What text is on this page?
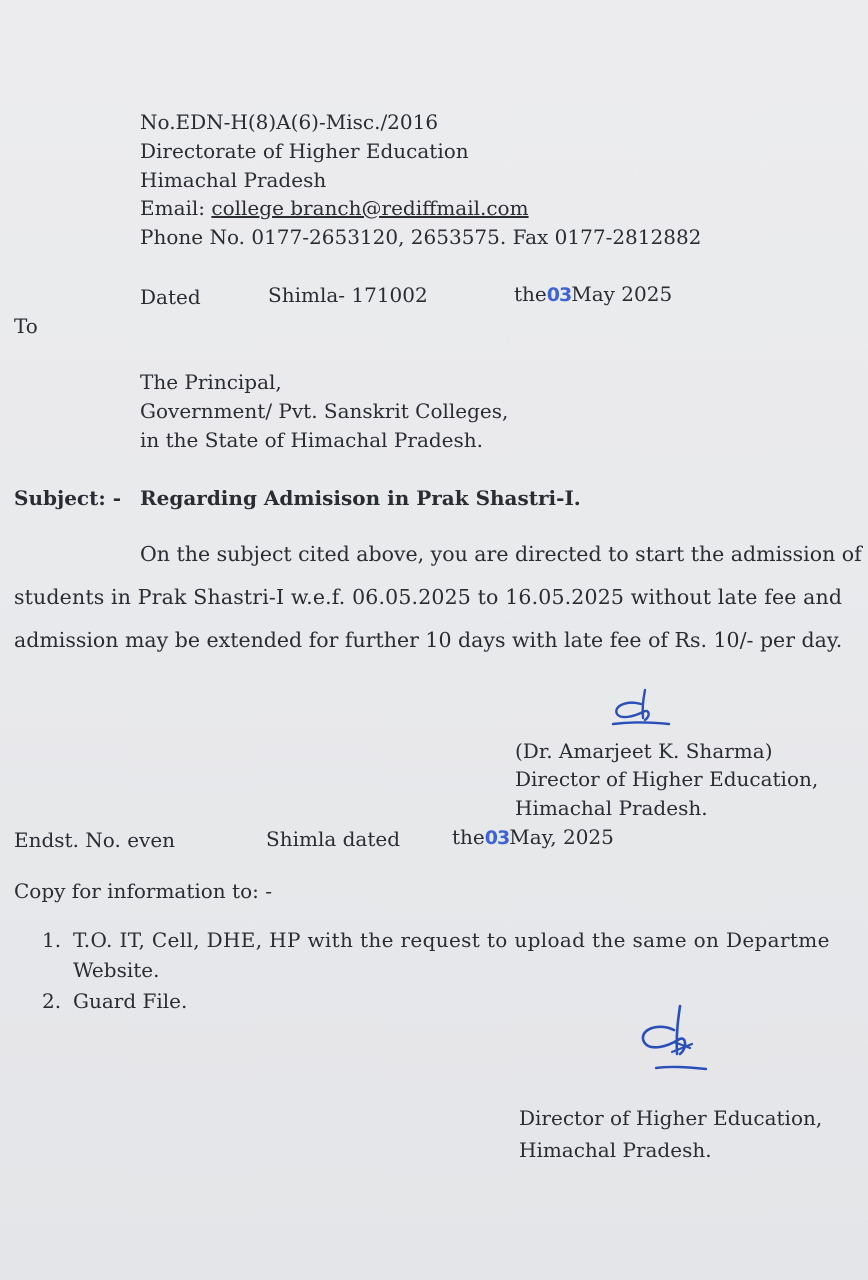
No.EDN-H(8)A(6)-Misc./2016
Directorate of Higher Education
Himachal Pradesh
Email: college branch@rediffmail.com
Phone No. 0177-2653120, 2653575. Fax 0177-2812882
Dated	Shimla- 171002	the03May 2025
To
The Principal,
Government/ Pvt. Sanskrit Colleges,
in the State of Himachal Pradesh.
Subject: - Regarding Admisison in Prak Shastri-I.
On the subject cited above, you are directed to start the admission of
students in Prak Shastri-I w.e.f. 06.05.2025 to 16.05.2025 without late fee and
admission may be extended for further 10 days with late fee of Rs. 10/- per day.
(Dr. Amarjeet K. Sharma)
Director of Higher Education,
Himachal Pradesh.
Endst. No. even	Shimla dated	the03May, 2025
Copy for information to: -
1. T.O. IT, Cell, DHE, HP with the request to upload the same on Departme
Website.
2. Guard File.
Director of Higher Education,
Himachal Pradesh.
